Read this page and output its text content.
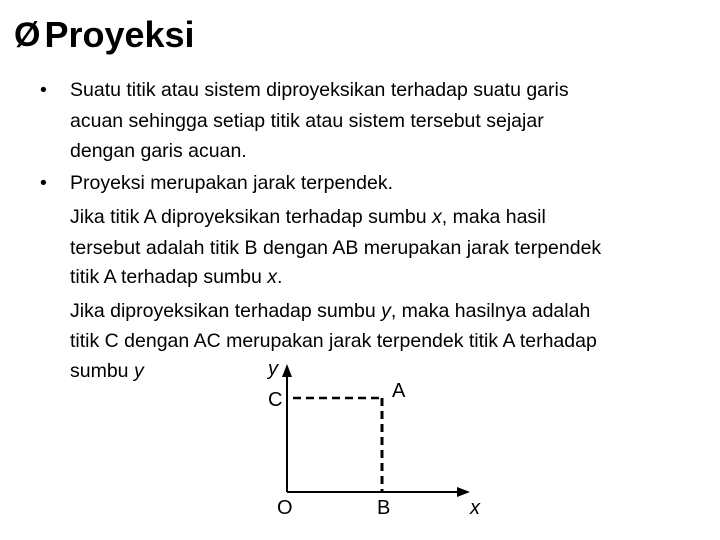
Ø Proyeksi
• Suatu titik atau sistem diproyeksikan terhadap suatu garis
acuan sehingga setiap titik atau sistem tersebut sejajar
dengan garis acuan.
• Proyeksi merupakan jarak terpendek.
Jika titik A diproyeksikan terhadap sumbu x, maka hasil
tersebut adalah titik B dengan AB merupakan jarak terpendek
titik A terhadap sumbu x.
Jika diproyeksikan terhadap sumbu y, maka hasilnya adalah
titik C dengan AC merupakan jarak terpendek titik A terhadap
sumbu y	y
A
C
O	B	x
